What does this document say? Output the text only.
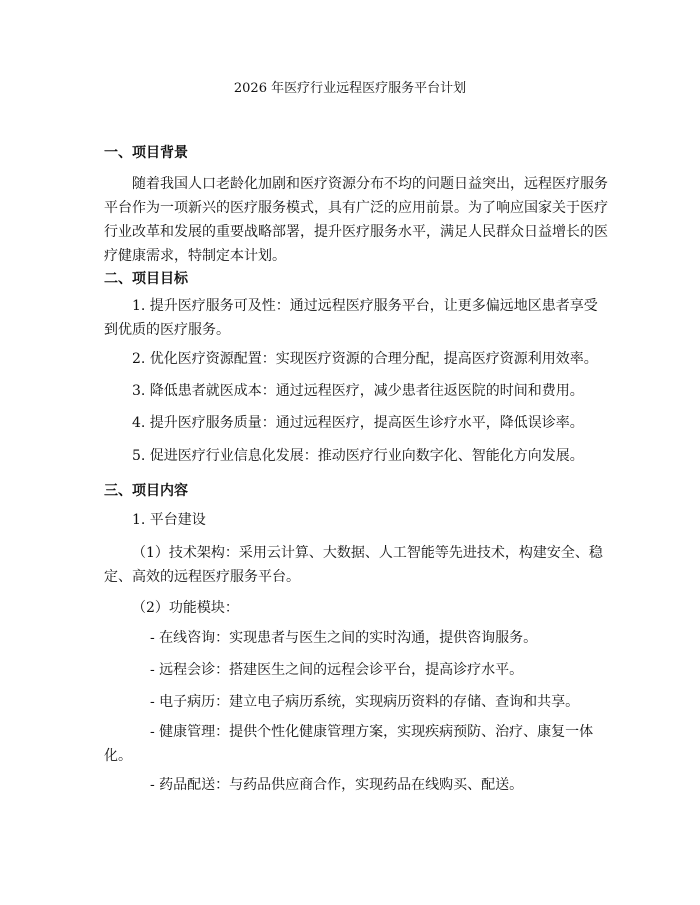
2026 年医疗行业远程医疗服务平台计划
一、项目背景
随着我国人口老龄化加剧和医疗资源分布不均的问题日益突出，远程医疗服务
平台作为一项新兴的医疗服务模式，具有广泛的应用前景。为了响应国家关于医疗
行业改革和发展的重要战略部署，提升医疗服务水平，满足人民群众日益增长的医
疗健康需求，特制定本计划。
二、项目目标
1. 提升医疗服务可及性：通过远程医疗服务平台，让更多偏远地区患者享受
到优质的医疗服务。
2. 优化医疗资源配置：实现医疗资源的合理分配，提高医疗资源利用效率。
3. 降低患者就医成本：通过远程医疗，减少患者往返医院的时间和费用。
4. 提升医疗服务质量：通过远程医疗，提高医生诊疗水平，降低误诊率。
5. 促进医疗行业信息化发展：推动医疗行业向数字化、智能化方向发展。
三、项目内容
1. 平台建设
（1）技术架构：采用云计算、大数据、人工智能等先进技术，构建安全、稳
定、高效的远程医疗服务平台。
（2）功能模块：
- 在线咨询：实现患者与医生之间的实时沟通，提供咨询服务。
- 远程会诊：搭建医生之间的远程会诊平台，提高诊疗水平。
- 电子病历：建立电子病历系统，实现病历资料的存储、查询和共享。
- 健康管理：提供个性化健康管理方案，实现疾病预防、治疗、康复一体
化。
- 药品配送：与药品供应商合作，实现药品在线购买、配送。
